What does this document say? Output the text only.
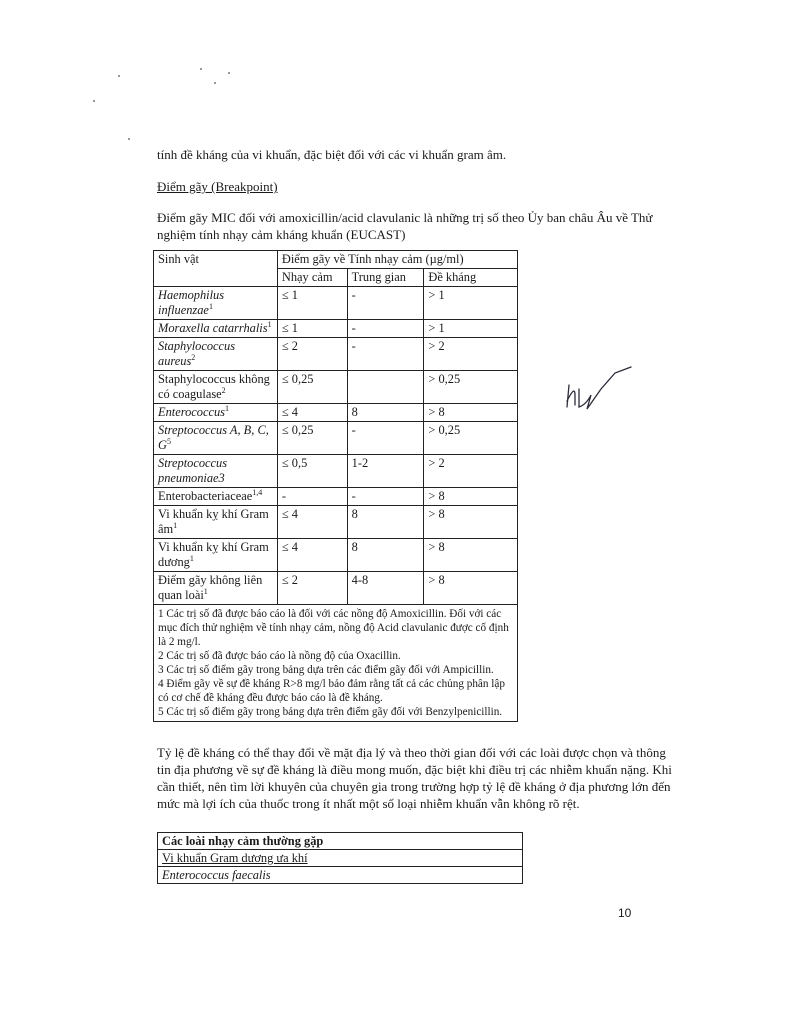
tính đề kháng của vi khuẩn, đặc biệt đối với các vi khuẩn gram âm.
Điểm gãy (Breakpoint)
Điểm gãy MIC đối với amoxicillin/acid clavulanic là những trị số theo Ủy ban châu Âu về Thử nghiệm tính nhạy cảm kháng khuẩn (EUCAST)
Sinh vật	Điểm gãy về Tính nhạy cảm (µg/ml)		
	Nhạy cảm	Trung gian	Đề kháng
Haemophilus influenzae$^1$	≤ 1	-	> 1
Moraxella catarrhalis$^1$	≤ 1	-	> 1
Staphylococcus aureus$^2$	≤ 2	-	> 2
Staphylococcus không có coagulase$^2$	≤ 0,25		> 0,25
Enterococcus$^1$	≤ 4	8	> 8
Streptococcus A, B, C, $G^5$	≤ 0,25	-	> 0,25
Streptococcus pneumoniae3	≤ 0,5	1-2	> 2
Enterobacteriaceae$^{1,4}$	-	-	> 8
Vi khuẩn kỵ khí Gram $âm^1$	≤ 4	8	> 8
Vi khuẩn kỵ khí Gram dương$^1$	≤ 4	8	> 8
Điểm gãy không liên quan loài$^1$	≤ 2	4-8	> 8

1 Các trị số đã được báo cáo là đối với các nồng độ Amoxicillin. Đối với các mục đích thử nghiệm về tính nhạy cảm, nồng độ Acid clavulanic được cố định là 2 mg/l.
2 Các trị số đã được báo cáo là nồng độ của Oxacillin.
3 Các trị số điểm gãy trong bảng dựa trên các điểm gãy đối với Ampicillin.
4 Điểm gãy về sự đề kháng R>8 mg/l bảo đảm rằng tất cả các chủng phân lập có cơ chế đề kháng đều được báo cáo là đề kháng.
5 Các trị số điểm gãy trong bảng dựa trên điểm gãy đối với Benzylpenicillin.			
Tỷ lệ đề kháng có thể thay đổi về mặt địa lý và theo thời gian đối với các loài được chọn và thông tin địa phương về sự đề kháng là điều mong muốn, đặc biệt khi điều trị các nhiễm khuẩn nặng. Khi cần thiết, nên tìm lời khuyên của chuyên gia trong trường hợp tỷ lệ đề kháng ở địa phương lớn đến mức mà lợi ích của thuốc trong ít nhất một số loại nhiễm khuẩn vẫn không rõ rệt.
Các loài nhạy cảm thường gặp
Vi khuẩn Gram dương ưa khí
Enterococcus faecalis
10
